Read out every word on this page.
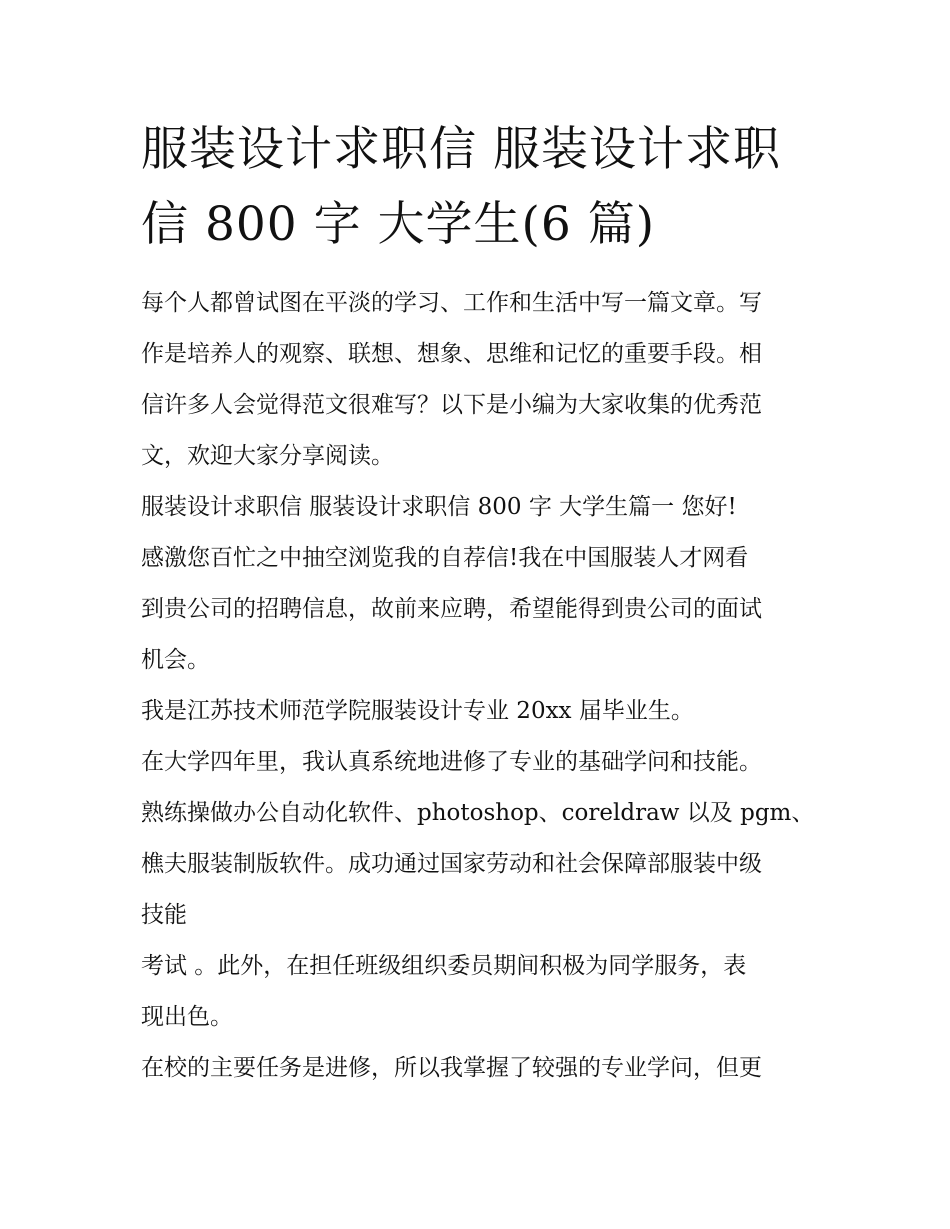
服装设计求职信 服装设计求职
信 800 字 大学生(6 篇)
每个人都曾试图在平淡的学习、工作和生活中写一篇文章。写
作是培养人的观察、联想、想象、思维和记忆的重要手段。相
信许多人会觉得范文很难写？以下是小编为大家收集的优秀范
文，欢迎大家分享阅读。
服装设计求职信 服装设计求职信 800 字 大学生篇一 您好!
感激您百忙之中抽空浏览我的自荐信!我在中国服装人才网看
到贵公司的招聘信息，故前来应聘，希望能得到贵公司的面试
机会。
我是江苏技术师范学院服装设计专业 20xx 届毕业生。
在大学四年里，我认真系统地进修了专业的基础学问和技能。
熟练操做办公自动化软件、photoshop、coreldraw 以及 pgm、
樵夫服装制版软件。成功通过国家劳动和社会保障部服装中级
技能
考试 。此外，在担任班级组织委员期间积极为同学服务，表
现出色。
在校的主要任务是进修，所以我掌握了较强的专业学问，但更
